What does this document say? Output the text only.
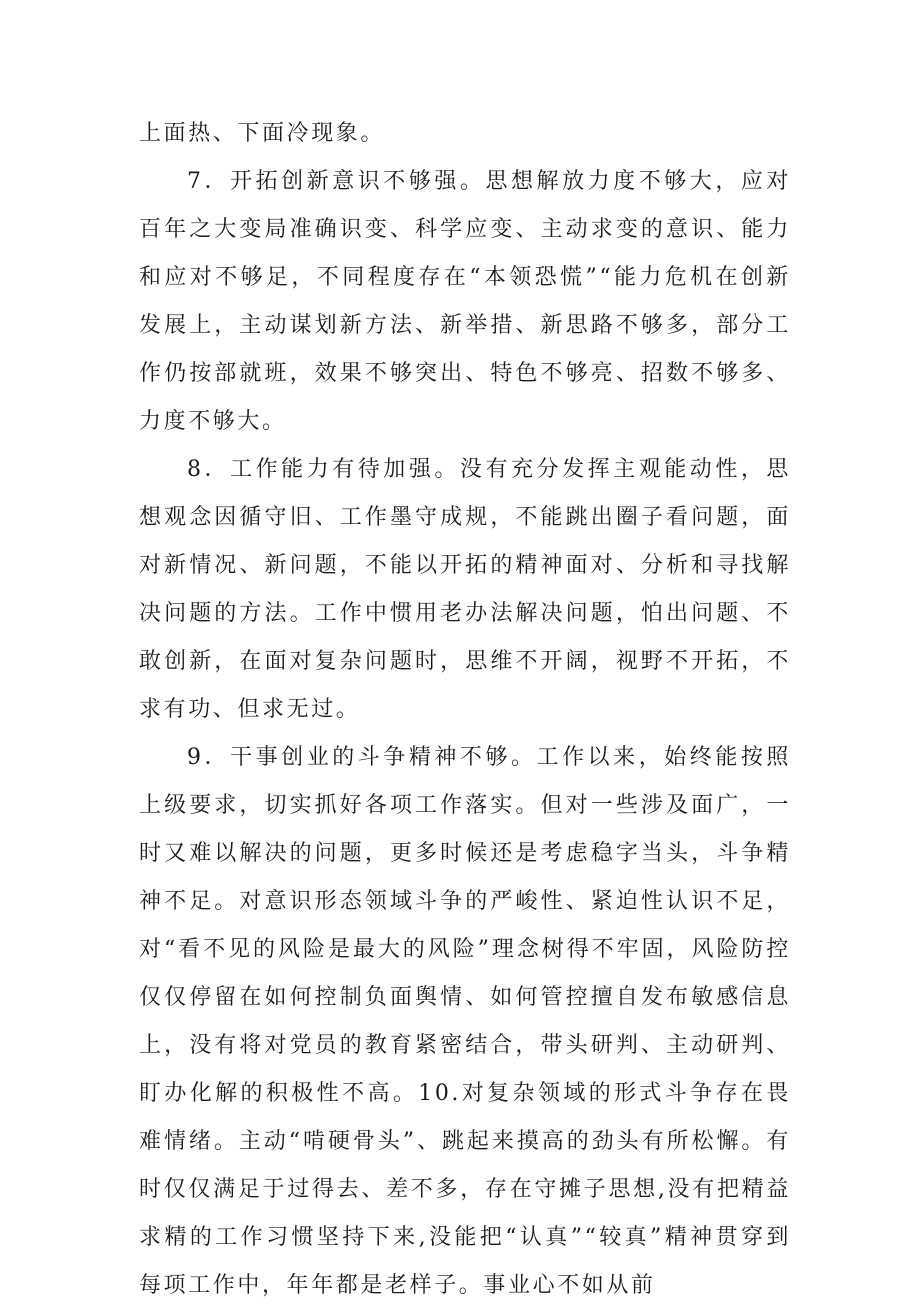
上面热、下面冷现象。

7．开拓创新意识不够强。思想解放力度不够大，应对百年之大变局准确识变、科学应变、主动求变的意识、能力和应对不够足，不同程度存在“本领恐慌”“能力危机在创新发展上，主动谋划新方法、新举措、新思路不够多，部分工作仍按部就班，效果不够突出、特色不够亮、招数不够多、力度不够大。

8．工作能力有待加强。没有充分发挥主观能动性，思想观念因循守旧、工作墨守成规，不能跳出圈子看问题，面对新情况、新问题，不能以开拓的精神面对、分析和寻找解决问题的方法。工作中惯用老办法解决问题，怕出问题、不敢创新，在面对复杂问题时，思维不开阔，视野不开拓，不求有功、但求无过。

9．干事创业的斗争精神不够。工作以来，始终能按照上级要求，切实抓好各项工作落实。但对一些涉及面广，一时又难以解决的问题，更多时候还是考虑稳字当头，斗争精神不足。对意识形态领域斗争的严峻性、紧迫性认识不足，对“看不见的风险是最大的风险”理念树得不牢固，风险防控仅仅停留在如何控制负面舆情、如何管控擅自发布敏感信息上，没有将对党员的教育紧密结合，带头研判、主动研判、盯办化解的积极性不高。10.对复杂领域的形式斗争存在畏难情绪。主动“啃硬骨头”、跳起来摸高的劲头有所松懈。有时仅仅满足于过得去、差不多，存在守摊子思想,没有把精益求精的工作习惯坚持下来,没能把“认真”“较真”精神贯穿到每项工作中，年年都是老样子。事业心不如从前
